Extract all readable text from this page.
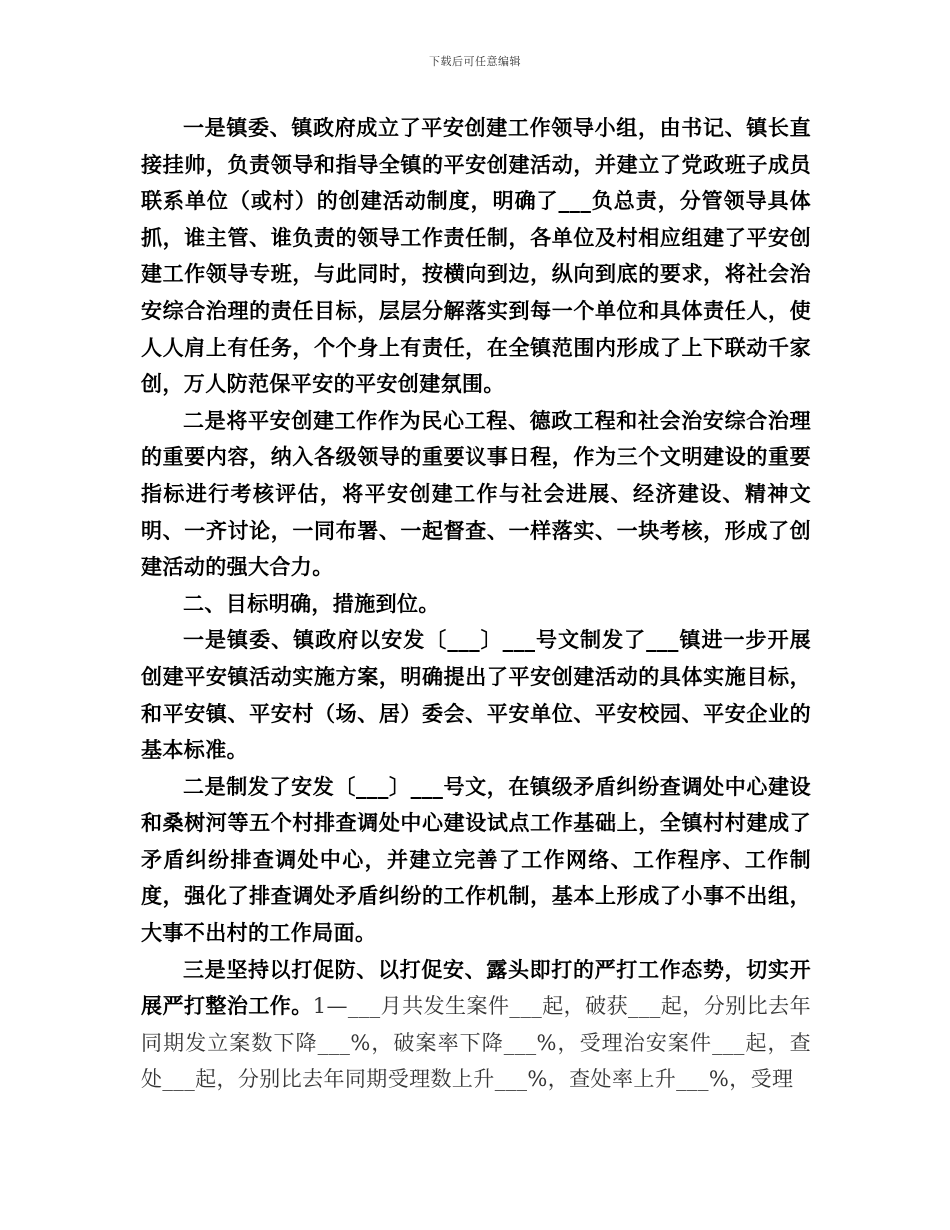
下载后可任意编辑

一是镇委、镇政府成立了平安创建工作领导小组，由书记、镇长直接挂帅，负责领导和指导全镇的平安创建活动，并建立了党政班子成员联系单位（或村）的创建活动制度，明确了___负总责，分管领导具体抓，谁主管、谁负责的领导工作责任制，各单位及村相应组建了平安创建工作领导专班，与此同时，按横向到边，纵向到底的要求，将社会治安综合治理的责任目标，层层分解落实到每一个单位和具体责任人，使人人肩上有任务，个个身上有责任，在全镇范围内形成了上下联动千家创，万人防范保平安的平安创建氛围。

二是将平安创建工作作为民心工程、德政工程和社会治安综合治理的重要内容，纳入各级领导的重要议事日程，作为三个文明建设的重要指标进行考核评估，将平安创建工作与社会进展、经济建设、精神文明、一齐讨论，一同布署、一起督查、一样落实、一块考核，形成了创建活动的强大合力。

二、目标明确，措施到位。

一是镇委、镇政府以安发〔___〕___号文制发了___镇进一步开展创建平安镇活动实施方案，明确提出了平安创建活动的具体实施目标，和平安镇、平安村（场、居）委会、平安单位、平安校园、平安企业的基本标准。

二是制发了安发〔___〕___号文，在镇级矛盾纠纷查调处中心建设和桑树河等五个村排查调处中心建设试点工作基础上，全镇村村建成了矛盾纠纷排查调处中心，并建立完善了工作网络、工作程序、工作制度，强化了排查调处矛盾纠纷的工作机制，基本上形成了小事不出组，大事不出村的工作局面。

三是坚持以打促防、以打促安、露头即打的严打工作态势，切实开展严打整治工作。1—___月共发生案件___起，破获___起，分别比去年同期发立案数下降___%，破案率下降___%，受理治安案件___起，查处___起，分别比去年同期受理数上升___%，查处率上升___%，受理
